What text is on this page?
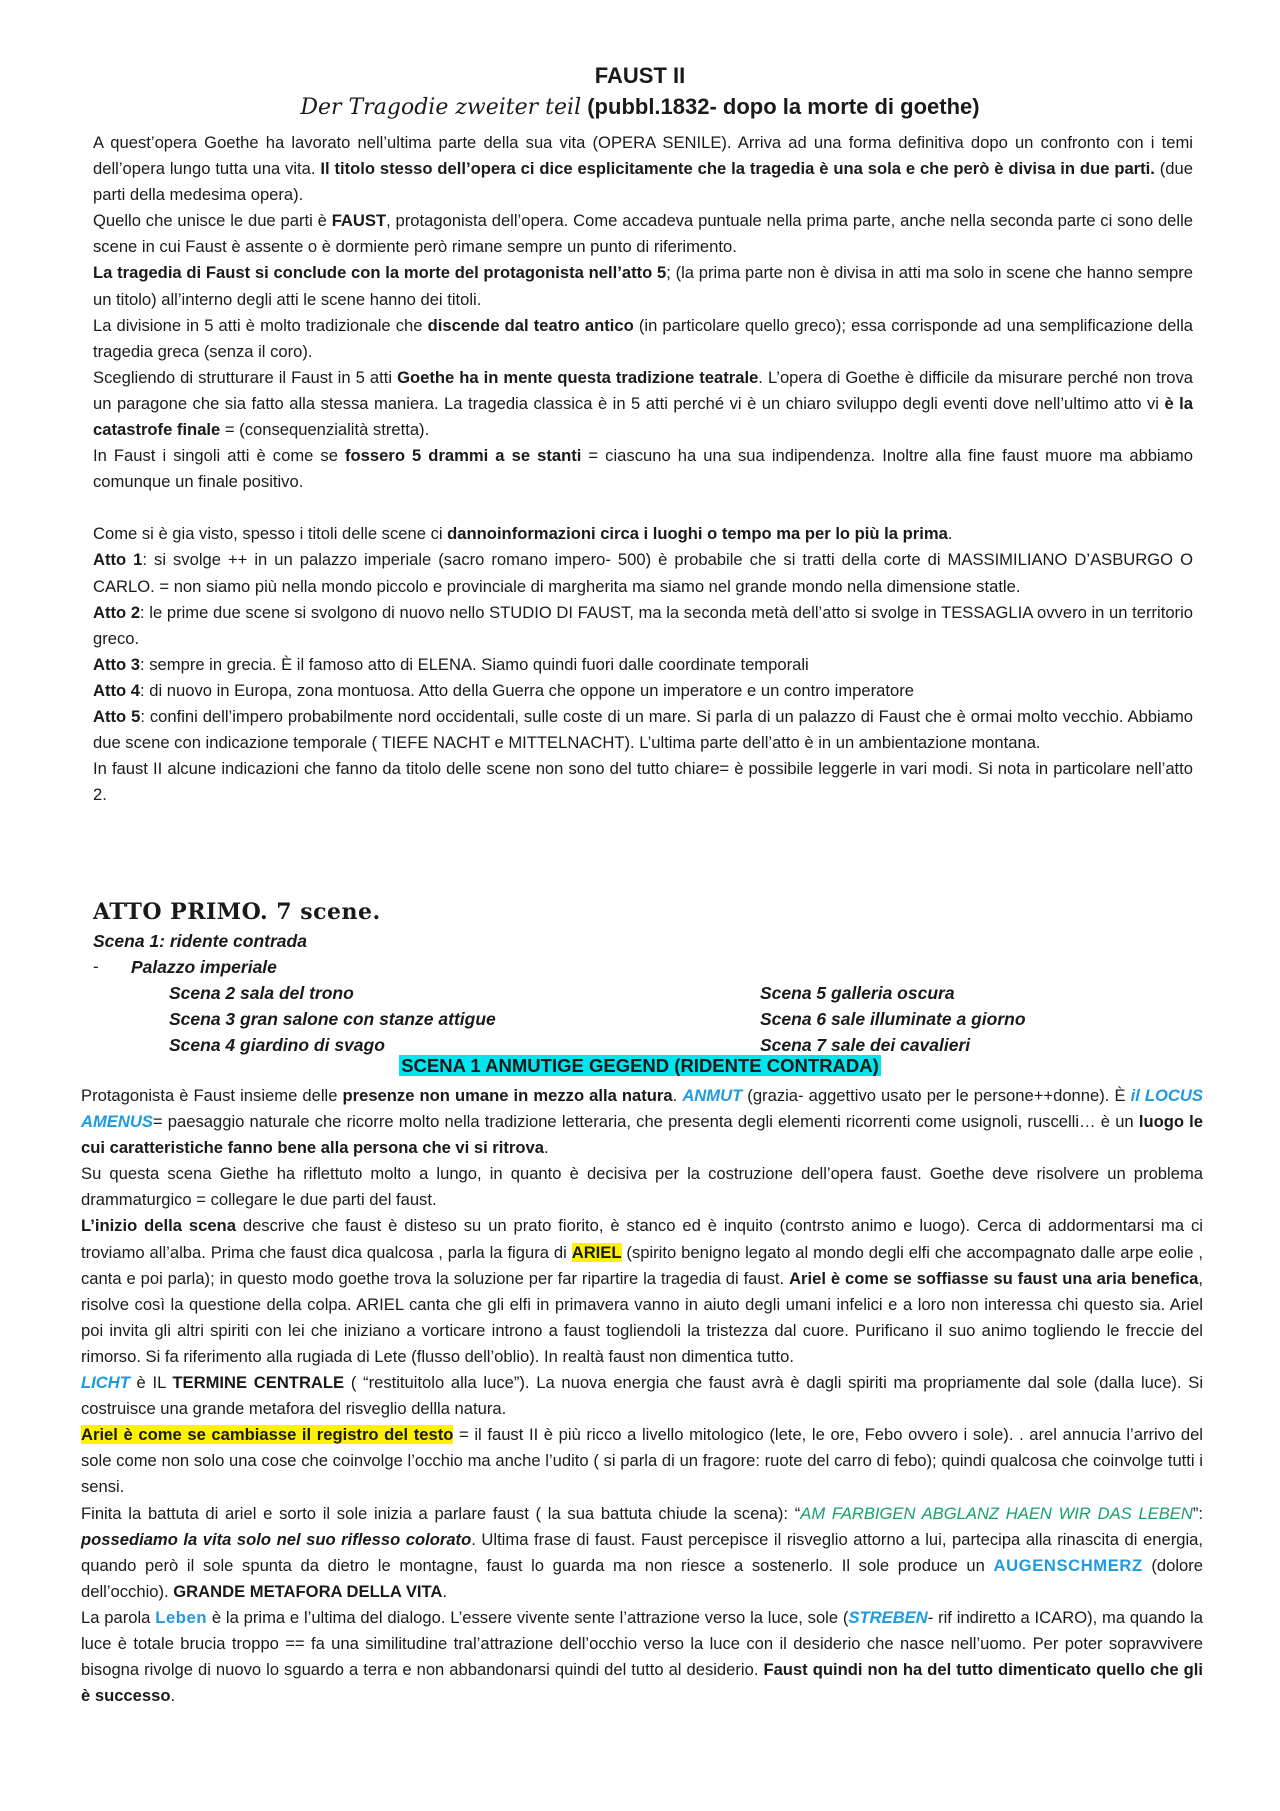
FAUST II
Der Tragodie zweiter teil (pubbl.1832- dopo la morte di goethe)

A quest’opera Goethe ha lavorato nell’ultima parte della sua vita (OPERA SENILE). Arriva ad una forma definitiva dopo un confronto con i temi dell’opera lungo tutta una vita. Il titolo stesso dell’opera ci dice esplicitamente che la tragedia è una sola e che però è divisa in due parti. (due parti della medesima opera).

Quello che unisce le due parti è FAUST, protagonista dell’opera. Come accadeva puntuale nella prima parte, anche nella seconda parte ci sono delle scene in cui Faust è assente o è dormiente però rimane sempre un punto di riferimento.

La tragedia di Faust si conclude con la morte del protagonista nell’atto 5; (la prima parte non è divisa in atti ma solo in scene che hanno sempre un titolo) all’interno degli atti le scene hanno dei titoli.

La divisione in 5 atti è molto tradizionale che discende dal teatro antico (in particolare quello greco); essa corrisponde ad una semplificazione della tragedia greca (senza il coro).

Scegliendo di strutturare il Faust in 5 atti Goethe ha in mente questa tradizione teatrale. L’opera di Goethe è difficile da misurare perché non trova un paragone che sia fatto alla stessa maniera. La tragedia classica è in 5 atti perché vi è un chiaro sviluppo degli eventi dove nell’ultimo atto vi è la catastrofe finale = (consequenzialità stretta).

In Faust i singoli atti è come se fossero 5 drammi a se stanti = ciascuno ha una sua indipendenza. Inoltre alla fine faust muore ma abbiamo comunque un finale positivo.

Come si è gia visto, spesso i titoli delle scene ci dannoinformazioni circa i luoghi o tempo ma per lo più la prima.

Atto 1: si svolge ++ in un palazzo imperiale (sacro romano impero- 500) è probabile che si tratti della corte di MASSIMILIANO D’ASBURGO O CARLO. = non siamo più nella mondo piccolo e provinciale di margherita ma siamo nel grande mondo nella dimensione statle.

Atto 2: le prime due scene si svolgono di nuovo nello STUDIO DI FAUST, ma la seconda metà dell’atto si svolge in TESSAGLIA ovvero in un territorio greco.

Atto 3: sempre in grecia. È il famoso atto di ELENA. Siamo quindi fuori dalle coordinate temporali

Atto 4: di nuovo in Europa, zona montuosa. Atto della Guerra che oppone un imperatore e un contro imperatore

Atto 5: confini dell’impero probabilmente nord occidentali, sulle coste di un mare. Si parla di un palazzo di Faust che è ormai molto vecchio. Abbiamo due scene con indicazione temporale ( TIEFE NACHT e MITTELNACHT). L’ultima parte dell’atto è in un ambientazione montana.

In faust II alcune indicazioni che fanno da titolo delle scene non sono del tutto chiare= è possibile leggerle in vari modi. Si nota in particolare nell’atto 2.

ATTO PRIMO. 7 scene.
Scena 1: ridente contrada
- Palazzo imperiale
Scena 2 sala del trono
Scena 3 gran salone con stanze attigue
Scena 4 giardino di svago
Scena 5 galleria oscura
Scena 6 sale illuminate a giorno
Scena 7 sale dei cavalieri
SCENA 1 ANMUTIGE GEGEND (RIDENTE CONTRADA)

Protagonista è Faust insieme delle presenze non umane in mezzo alla natura. ANMUT (grazia- aggettivo usato per le persone++donne). È il LOCUS AMENUS= paesaggio naturale che ricorre molto nella tradizione letteraria, che presenta degli elementi ricorrenti come usignoli, ruscelli… è un luogo le cui caratteristiche fanno bene alla persona che vi si ritrova.

Su questa scena Giethe ha riflettuto molto a lungo, in quanto è decisiva per la costruzione dell’opera faust. Goethe deve risolvere un problema drammaturgico = collegare le due parti del faust.

L’inizio della scena descrive che faust è disteso su un prato fiorito, è stanco ed è inquito (contrsto animo e luogo). Cerca di addormentarsi ma ci troviamo all’alba. Prima che faust dica qualcosa , parla la figura di ARIEL (spirito benigno legato al mondo degli elfi che accompagnato dalle arpe eolie , canta e poi parla); in questo modo goethe trova la soluzione per far ripartire la tragedia di faust. Ariel è come se soffiasse su faust una aria benefica, risolve così la questione della colpa. ARIEL canta che gli elfi in primavera vanno in aiuto degli umani infelici e a loro non interessa chi questo sia. Ariel poi invita gli altri spiriti con lei che iniziano a vorticare introno a faust togliendoli la tristezza dal cuore. Purificano il suo animo togliendo le freccie del rimorso. Si fa riferimento alla rugiada di Lete (flusso dell’oblio). In realtà faust non dimentica tutto.

LICHT è IL TERMINE CENTRALE ( “restituitolo alla luce”). La nuova energia che faust avrà è dagli spiriti ma propriamente dal sole (dalla luce). Si costruisce una grande metafora del risveglio dellla natura.

Ariel è come se cambiasse il registro del testo = il faust II è più ricco a livello mitologico (lete, le ore, Febo ovvero i sole). . arel annucia l’arrivo del sole come non solo una cose che coinvolge l’occhio ma anche l’udito ( si parla di un fragore: ruote del carro di febo); quindi qualcosa che coinvolge tutti i sensi.

Finita la battuta di ariel e sorto il sole inizia a parlare faust ( la sua battuta chiude la scena): “AM FARBIGEN ABGLANZ HAEN WIR DAS LEBEN”: possediamo la vita solo nel suo riflesso colorato. Ultima frase di faust. Faust percepisce il risveglio attorno a lui, partecipa alla rinascita di energia, quando però il sole spunta da dietro le montagne, faust lo guarda ma non riesce a sostenerlo. Il sole produce un AUGENSCHMERZ (dolore dell’occhio). GRANDE METAFORA DELLA VITA.

La parola Leben è la prima e l’ultima del dialogo. L’essere vivente sente l’attrazione verso la luce, sole (STREBEN- rif indiretto a ICARO), ma quando la luce è totale brucia troppo == fa una similitudine tral’attrazione dell’occhio verso la luce con il desiderio che nasce nell’uomo. Per poter sopravvivere bisogna rivolge di nuovo lo sguardo a terra e non abbandonarsi quindi del tutto al desiderio. Faust quindi non ha del tutto dimenticato quello che gli è successo.
